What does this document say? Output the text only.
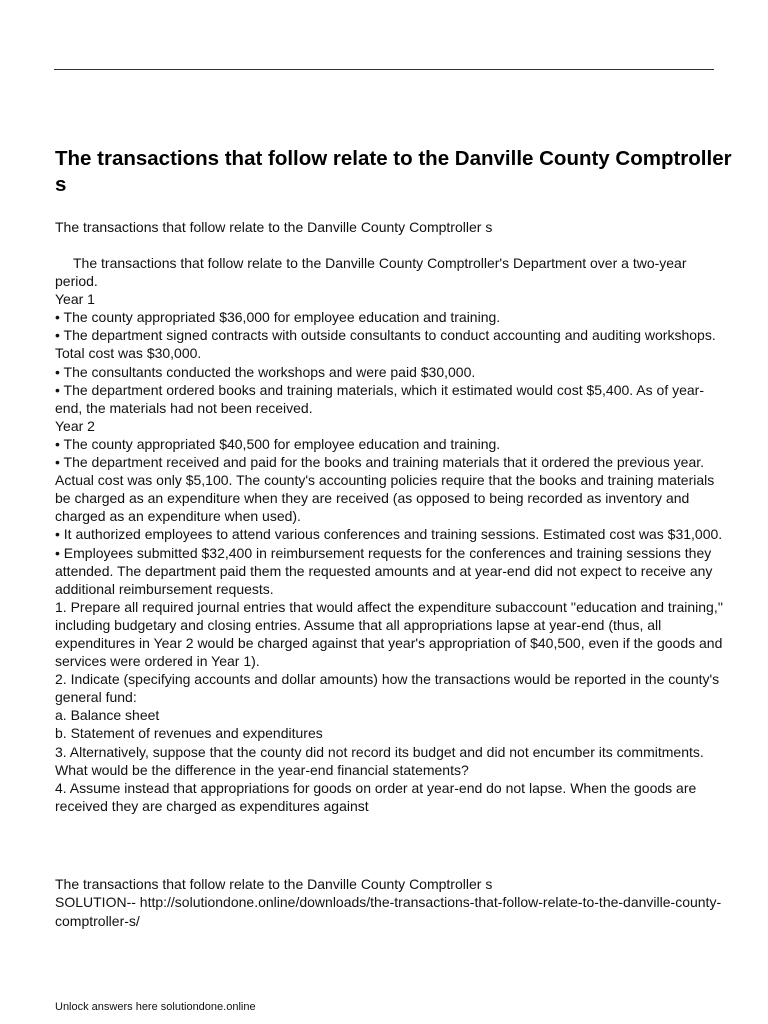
The transactions that follow relate to the Danville County Comptroller s

The transactions that follow relate to the Danville County Comptroller s

The transactions that follow relate to the Danville County Comptroller's Department over a two-year period.
Year 1
• The county appropriated $36,000 for employee education and training.
• The department signed contracts with outside consultants to conduct accounting and auditing workshops. Total cost was $30,000.
• The consultants conducted the workshops and were paid $30,000.
• The department ordered books and training materials, which it estimated would cost $5,400. As of year-end, the materials had not been received.
Year 2
• The county appropriated $40,500 for employee education and training.
• The department received and paid for the books and training materials that it ordered the previous year. Actual cost was only $5,100. The county's accounting policies require that the books and training materials be charged as an expenditure when they are received (as opposed to being recorded as inventory and charged as an expenditure when used).
• It authorized employees to attend various conferences and training sessions. Estimated cost was $31,000.
• Employees submitted $32,400 in reimbursement requests for the conferences and training sessions they attended. The department paid them the requested amounts and at year-end did not expect to receive any additional reimbursement requests.
1. Prepare all required journal entries that would affect the expenditure subaccount ''education and training,'' including budgetary and closing entries. Assume that all appropriations lapse at year-end (thus, all expenditures in Year 2 would be charged against that year's appropriation of $40,500, even if the goods and services were ordered in Year 1).
2. Indicate (specifying accounts and dollar amounts) how the transactions would be reported in the county's general fund:
a. Balance sheet
b. Statement of revenues and expenditures
3. Alternatively, suppose that the county did not record its budget and did not encumber its commitments. What would be the difference in the year-end financial statements?
4. Assume instead that appropriations for goods on order at year-end do not lapse. When the goods are received they are charged as expenditures against
The transactions that follow relate to the Danville County Comptroller s
SOLUTION-- http://solutiondone.online/downloads/the-transactions-that-follow-relate-to-the-danville-county-comptroller-s/

Unlock answers here solutiondone.online
